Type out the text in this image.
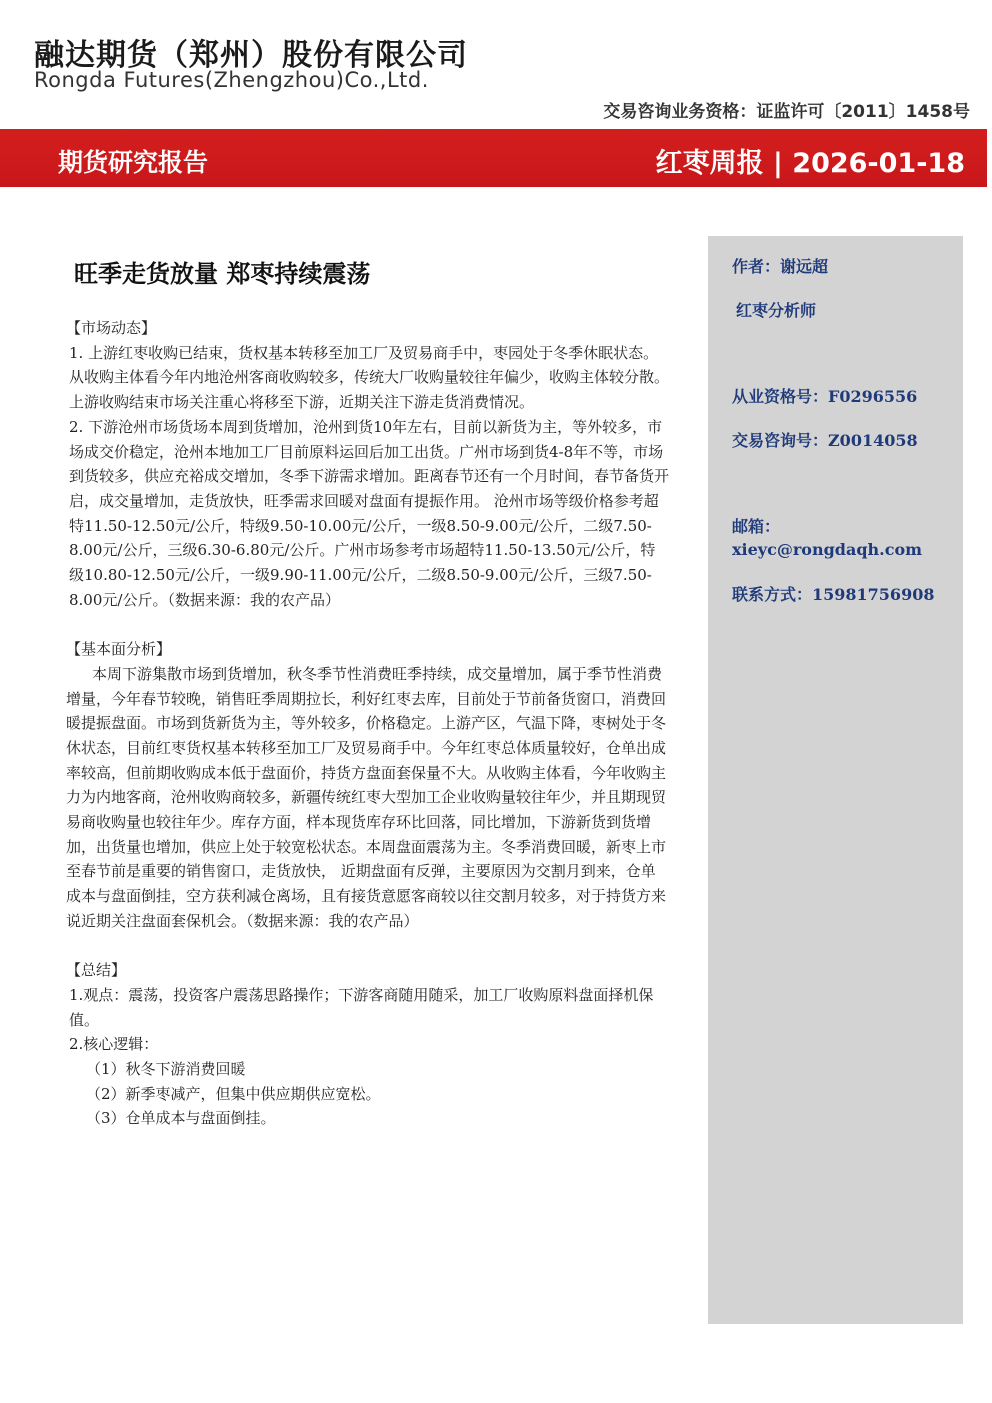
融达期货（郑州）股份有限公司
Rongda Futures(Zhengzhou)Co.,Ltd.
交易咨询业务资格：证监许可〔2011〕1458号
期货研究报告	红枣周报 | 2026-01-18
旺季走货放量 郑枣持续震荡

【市场动态】

1. 上游红枣收购已结束，货权基本转移至加工厂及贸易商手中，枣园处于冬季休眠状态。从收购主体看今年内地沧州客商收购较多，传统大厂收购量较往年偏少，收购主体较分散。上游收购结束市场关注重心将移至下游，近期关注下游走货消费情况。

2. 下游沧州市场货场本周到货增加，沧州到货10年左右，目前以新货为主，等外较多，市场成交价稳定，沧州本地加工厂目前原料运回后加工出货。广州市场到货4-8年不等，市场到货较多，供应充裕成交增加，冬季下游需求增加。距离春节还有一个月时间，春节备货开启，成交量增加，走货放快，旺季需求回暖对盘面有提振作用。 沧州市场等级价格参考超特11.50-12.50元/公斤，特级9.50-10.00元/公斤，一级8.50-9.00元/公斤，二级7.50-8.00元/公斤，三级6.30-6.80元/公斤。广州市场参考市场超特11.50-13.50元/公斤，特级10.80-12.50元/公斤，一级9.90-11.00元/公斤，二级8.50-9.00元/公斤，三级7.50-8.00元/公斤。（数据来源：我的农产品）

【基本面分析】

本周下游集散市场到货增加，秋冬季节性消费旺季持续，成交量增加，属于季节性消费增量，今年春节较晚，销售旺季周期拉长，利好红枣去库，目前处于节前备货窗口，消费回暖提振盘面。市场到货新货为主，等外较多，价格稳定。上游产区，气温下降，枣树处于冬休状态，目前红枣货权基本转移至加工厂及贸易商手中。今年红枣总体质量较好，仓单出成率较高，但前期收购成本低于盘面价，持货方盘面套保量不大。从收购主体看，今年收购主力为内地客商，沧州收购商较多，新疆传统红枣大型加工企业收购量较往年少，并且期现贸易商收购量也较往年少。库存方面，样本现货库存环比回落，同比增加，下游新货到货增加，出货量也增加，供应上处于较宽松状态。本周盘面震荡为主。冬季消费回暖，新枣上市至春节前是重要的销售窗口，走货放快， 近期盘面有反弹，主要原因为交割月到来，仓单成本与盘面倒挂，空方获利减仓离场，且有接货意愿客商较以往交割月较多，对于持货方来说近期关注盘面套保机会。（数据来源：我的农产品）

【总结】

1.观点：震荡，投资客户震荡思路操作；下游客商随用随采，加工厂收购原料盘面择机保值。

2.核心逻辑：

（1）秋冬下游消费回暖

（2）新季枣减产，但集中供应期供应宽松。

（3）仓单成本与盘面倒挂。

作者：谢远超
红枣分析师
从业资格号：F0296556
交易咨询号：Z0014058
邮箱：
xieyc@rongdaqh.com
联系方式：15981756908
